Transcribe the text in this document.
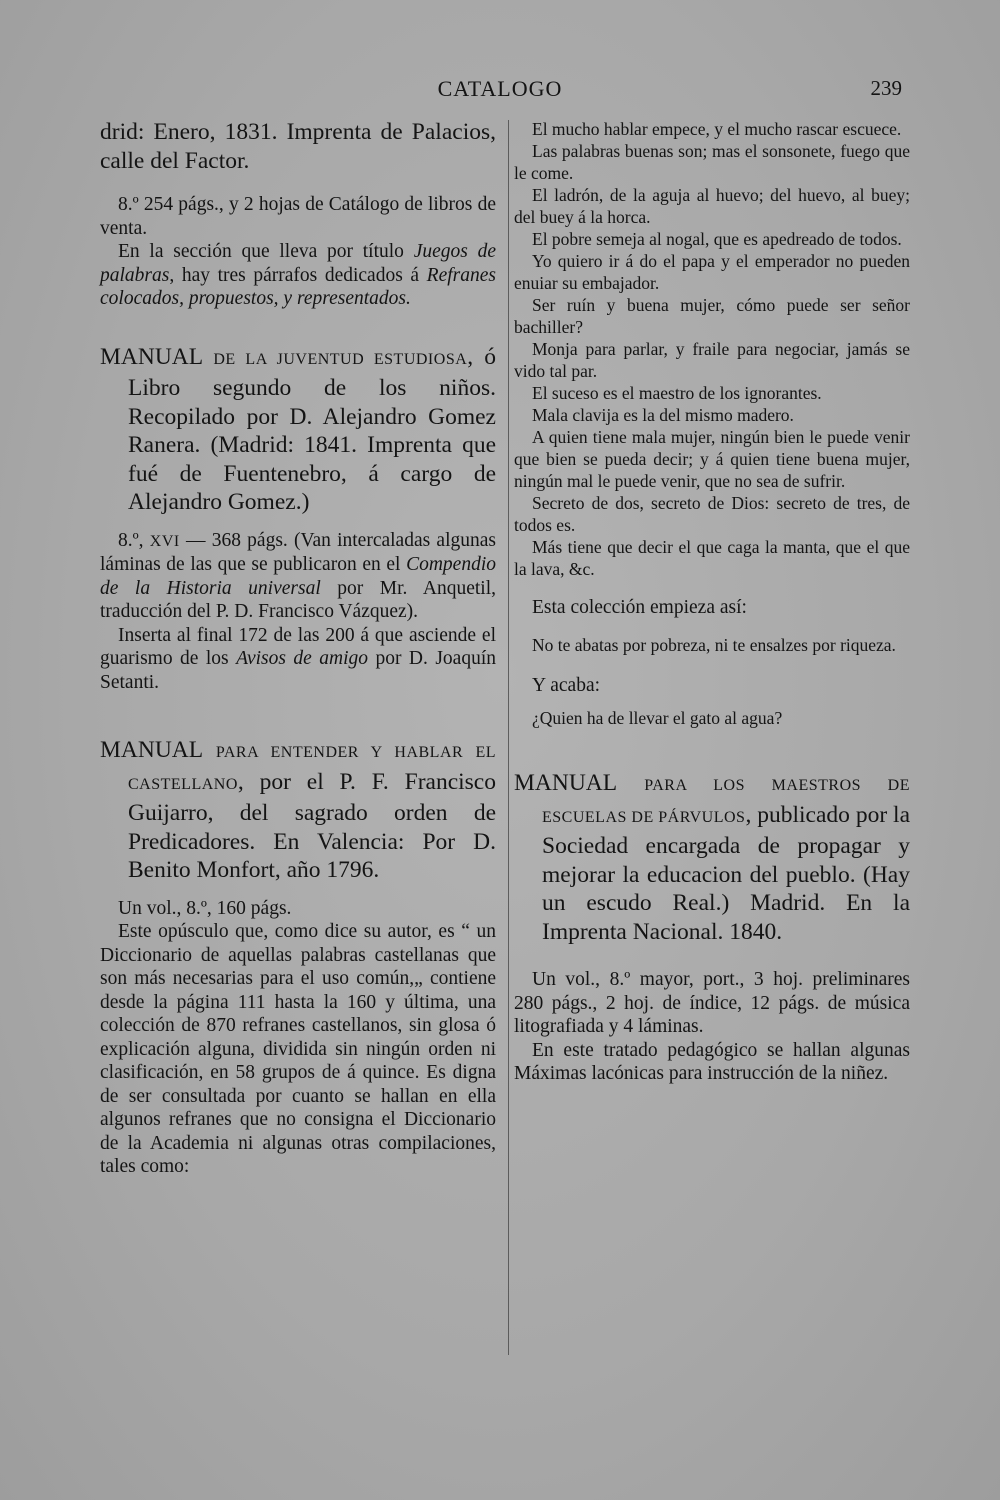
CATALOGO	239

drid: Enero, 1831. Imprenta de Palacios, calle del Factor.

8.º 254 págs., y 2 hojas de Catálogo de libros de venta.

En la sección que lleva por título Juegos de palabras, hay tres párrafos dedicados á Refranes colocados, propuestos, y representados.

MANUAL DE LA JUVENTUD ESTUDIOSA, ó Libro segundo de los niños. Recopilado por D. Alejandro Gomez Ranera. (Madrid: 1841. Imprenta que fué de Fuentenebro, á cargo de Alejandro Gomez.)

8.º, XVI — 368 págs. (Van intercaladas algunas láminas de las que se publicaron en el Compendio de la Historia universal por Mr. Anquetil, traducción del P. D. Francisco Vázquez).

Inserta al final 172 de las 200 á que asciende el guarismo de los Avisos de amigo por D. Joaquín Setanti.

MANUAL PARA ENTENDER Y HABLAR EL CASTELLANO, por el P. F. Francisco Guijarro, del sagrado orden de Predicadores. En Valencia: Por D. Benito Monfort, año 1796.

Un vol., 8.º, 160 págs.

Este opúsculo que, como dice su autor, es “ un Diccionario de aquellas palabras castellanas que son más necesarias para el uso común,„ contiene desde la página 111 hasta la 160 y última, una colección de 870 refranes castellanos, sin glosa ó explicación alguna, dividida sin ningún orden ni clasificación, en 58 grupos de á quince. Es digna de ser consultada por cuanto se hallan en ella algunos refranes que no consigna el Diccionario de la Academia ni algunas otras compilaciones, tales como:

El mucho hablar empece, y el mucho rascar escuece.

Las palabras buenas son; mas el sonsonete, fuego que le come.

El ladrón, de la aguja al huevo; del huevo, al buey; del buey á la horca.

El pobre semeja al nogal, que es apedreado de todos.

Yo quiero ir á do el papa y el emperador no pueden enuiar su embajador.

Ser ruín y buena mujer, cómo puede ser señor bachiller?

Monja para parlar, y fraile para negociar, jamás se vido tal par.

El suceso es el maestro de los ignorantes.

Mala clavija es la del mismo madero.

A quien tiene mala mujer, ningún bien le puede venir que bien se pueda decir; y á quien tiene buena mujer, ningún mal le puede venir, que no sea de sufrir.

Secreto de dos, secreto de Dios: secreto de tres, de todos es.

Más tiene que decir el que caga la manta, que el que la lava, &c.

Esta colección empieza así:

No te abatas por pobreza, ni te ensalzes por riqueza.

Y acaba:

¿Quien ha de llevar el gato al agua?

MANUAL PARA LOS MAESTROS DE ESCUELAS DE PÁRVULOS, publicado por la Sociedad encargada de propagar y mejorar la educacion del pueblo. (Hay un escudo Real.) Madrid. En la Imprenta Nacional. 1840.

Un vol., 8.º mayor, port., 3 hoj. preliminares 280 págs., 2 hoj. de índice, 12 págs. de música litografiada y 4 láminas.

En este tratado pedagógico se hallan algunas Máximas lacónicas para instrucción de la niñez.
